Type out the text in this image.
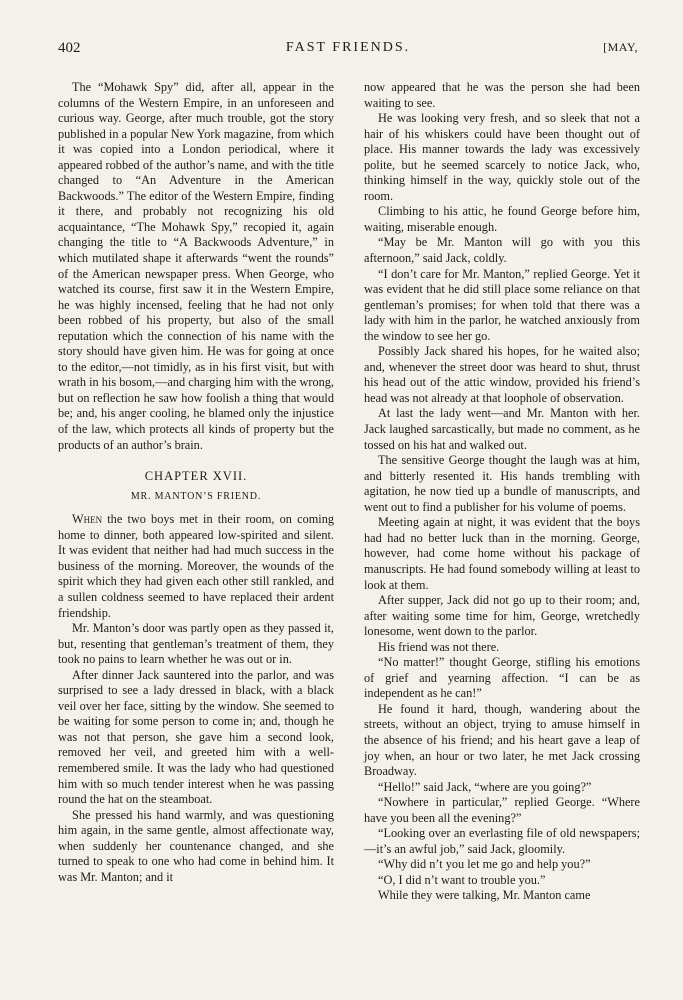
402	FAST FRIENDS.	[MAY,

The “Mohawk Spy” did, after all, appear in the columns of the Western Empire, in an unforeseen and curious way. George, after much trouble, got the story published in a popular New York magazine, from which it was copied into a London periodical, where it appeared robbed of the author’s name, and with the title changed to “An Adventure in the American Backwoods.” The editor of the Western Empire, finding it there, and probably not recognizing his old acquaintance, “The Mohawk Spy,” recopied it, again changing the title to “A Backwoods Adventure,” in which mutilated shape it afterwards “went the rounds” of the American newspaper press. When George, who watched its course, first saw it in the Western Empire, he was highly incensed, feeling that he had not only been robbed of his property, but also of the small reputation which the connection of his name with the story should have given him. He was for going at once to the editor,—not timidly, as in his first visit, but with wrath in his bosom,—and charging him with the wrong, but on reflection he saw how foolish a thing that would be; and, his anger cooling, he blamed only the injustice of the law, which protects all kinds of property but the products of an author’s brain.

CHAPTER XVII.
MR. MANTON’S FRIEND.

When the two boys met in their room, on coming home to dinner, both appeared low-spirited and silent. It was evident that neither had had much success in the business of the morning. Moreover, the wounds of the spirit which they had given each other still rankled, and a sullen coldness seemed to have replaced their ardent friendship.

Mr. Manton’s door was partly open as they passed it, but, resenting that gentleman’s treatment of them, they took no pains to learn whether he was out or in.

After dinner Jack sauntered into the parlor, and was surprised to see a lady dressed in black, with a black veil over her face, sitting by the window. She seemed to be waiting for some person to come in; and, though he was not that person, she gave him a second look, removed her veil, and greeted him with a well-remembered smile. It was the lady who had questioned him with so much tender interest when he was passing round the hat on the steamboat.

She pressed his hand warmly, and was questioning him again, in the same gentle, almost affectionate way, when suddenly her countenance changed, and she turned to speak to one who had come in behind him. It was Mr. Manton; and it

now appeared that he was the person she had been waiting to see.

He was looking very fresh, and so sleek that not a hair of his whiskers could have been thought out of place. His manner towards the lady was excessively polite, but he seemed scarcely to notice Jack, who, thinking himself in the way, quickly stole out of the room.

Climbing to his attic, he found George before him, waiting, miserable enough.

“May be Mr. Manton will go with you this afternoon,” said Jack, coldly.

“I don’t care for Mr. Manton,” replied George. Yet it was evident that he did still place some reliance on that gentleman’s promises; for when told that there was a lady with him in the parlor, he watched anxiously from the window to see her go.

Possibly Jack shared his hopes, for he waited also; and, whenever the street door was heard to shut, thrust his head out of the attic window, provided his friend’s head was not already at that loophole of observation.

At last the lady went—and Mr. Manton with her. Jack laughed sarcastically, but made no comment, as he tossed on his hat and walked out.

The sensitive George thought the laugh was at him, and bitterly resented it. His hands trembling with agitation, he now tied up a bundle of manuscripts, and went out to find a publisher for his volume of poems.

Meeting again at night, it was evident that the boys had had no better luck than in the morning. George, however, had come home without his package of manuscripts. He had found somebody willing at least to look at them.

After supper, Jack did not go up to their room; and, after waiting some time for him, George, wretchedly lonesome, went down to the parlor.

His friend was not there.

“No matter!” thought George, stifling his emotions of grief and yearning affection. “I can be as independent as he can!”

He found it hard, though, wandering about the streets, without an object, trying to amuse himself in the absence of his friend; and his heart gave a leap of joy when, an hour or two later, he met Jack crossing Broadway.

“Hello!” said Jack, “where are you going?”

“Nowhere in particular,” replied George. “Where have you been all the evening?”

“Looking over an everlasting file of old newspapers;—it’s an awful job,” said Jack, gloomily.

“Why did n’t you let me go and help you?”

“O, I did n’t want to trouble you.”

While they were talking, Mr. Manton came
